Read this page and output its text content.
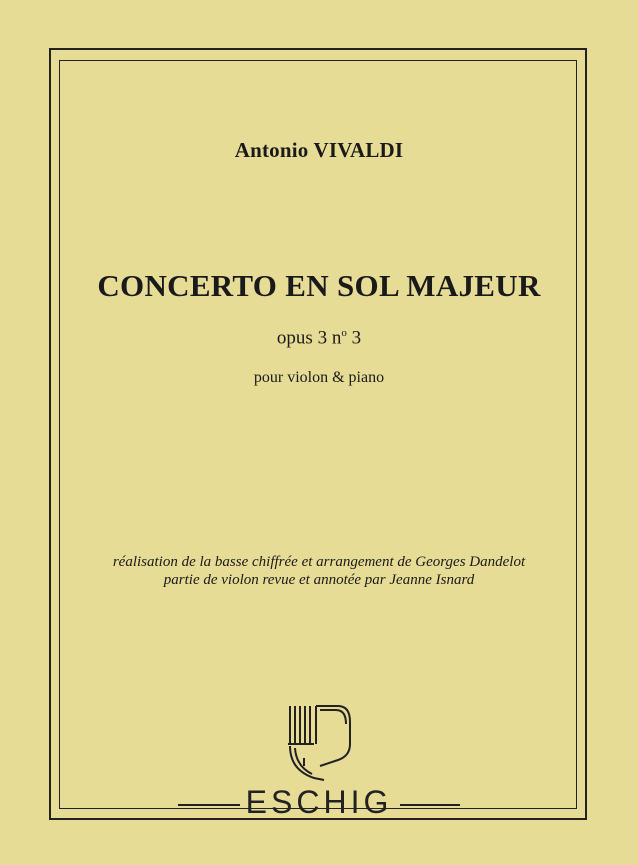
Antonio VIVALDI
CONCERTO EN SOL MAJEUR
opus 3 $n^o$ 3
pour violon & piano
réalisation de la basse chiffrée et arrangement de Georges Dandelot
partie de violon revue et annotée par Jeanne Isnard
ESCHIG
